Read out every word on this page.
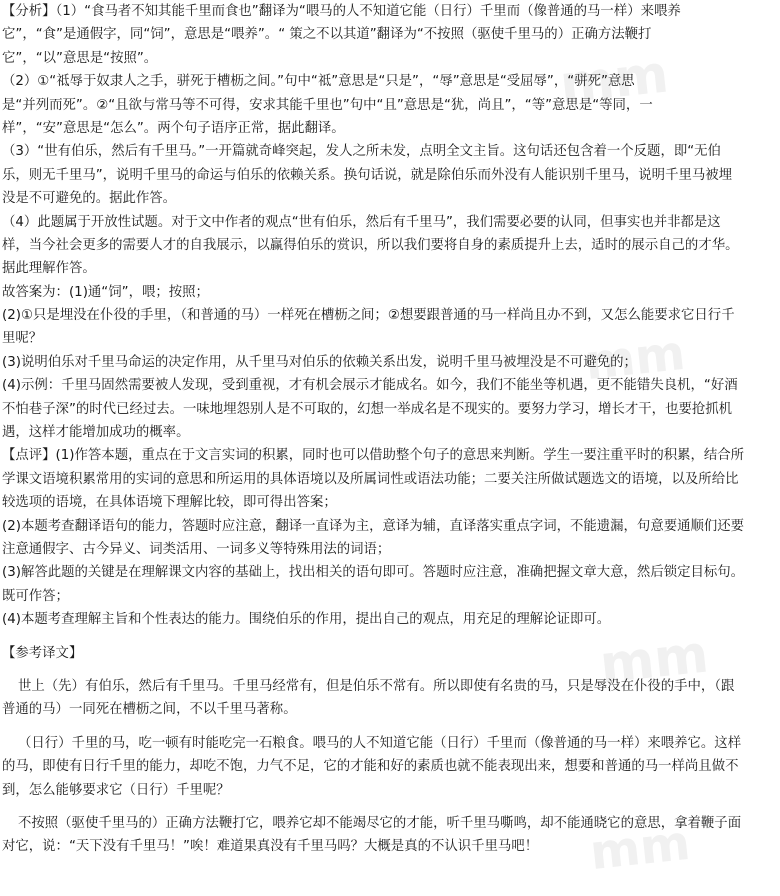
mm
mm
mm
mm
【分析】（1）“食马者不知其能千里而食也”翻译为“喂马的人不知道它能（日行）千里而（像普通的马一样）来喂养
它”，“食”是通假字，同“饲”，意思是“喂养”。“ 策之不以其道”翻译为“不按照（驱使千里马的）正确方法鞭打
它”，“以”意思是“按照”。
（2）①“祗辱于奴隶人之手，骈死于槽枥之间。”句中“祗”意思是“只是”，“辱”意思是“受屈辱”，“骈死”意思
是“并列而死”。②“且欲与常马等不可得，安求其能千里也”句中“且”意思是“犹，尚且”，“等”意思是“等同，一
样”，“安”意思是“怎么”。两个句子语序正常，据此翻译。
（3）“世有伯乐，然后有千里马。”一开篇就奇峰突起，发人之所未发，点明全文主旨。这句话还包含着一个反题，即“无伯
乐，则无千里马”，说明千里马的命运与伯乐的依赖关系。换句话说，就是除伯乐而外没有人能识别千里马，说明千里马被埋
没是不可避免的。据此作答。
（4）此题属于开放性试题。对于文中作者的观点“世有伯乐，然后有千里马”，我们需要必要的认同，但事实也并非都是这
样，当今社会更多的需要人才的自我展示，以赢得伯乐的赏识，所以我们要将自身的素质提升上去，适时的展示自己的才华。
据此理解作答。
故答案为：(1)通“饲”，喂；按照；
(2)①只是埋没在仆役的手里，（和普通的马）一样死在槽枥之间；②想要跟普通的马一样尚且办不到，又怎么能要求它日行千
里呢？
(3)说明伯乐对千里马命运的决定作用，从千里马对伯乐的依赖关系出发，说明千里马被埋没是不可避免的；
(4)示例：千里马固然需要被人发现，受到重视，才有机会展示才能成名。如今，我们不能坐等机遇，更不能错失良机，“好酒
不怕巷子深”的时代已经过去。一味地埋怨别人是不可取的，幻想一举成名是不现实的。要努力学习，增长才干，也要抢抓机
遇，这样才能增加成功的概率。
【点评】(1)作答本题，重点在于文言实词的积累，同时也可以借助整个句子的意思来判断。学生一要注重平时的积累，结合所
学课文语境积累常用的实词的意思和所运用的具体语境以及所属词性或语法功能；二要关注所做试题选文的语境，以及所给比
较选项的语境，在具体语境下理解比较，即可得出答案；
(2)本题考查翻译语句的能力，答题时应注意，翻译一直译为主，意译为辅，直译落实重点字词，不能遗漏，句意要通顺们还要
注意通假字、古今异义、词类活用、一词多义等特殊用法的词语；
(3)解答此题的关键是在理解课文内容的基础上，找出相关的语句即可。答题时应注意，准确把握文章大意，然后锁定目标句。
既可作答；
(4)本题考查理解主旨和个性表达的能力。围绕伯乐的作用，提出自己的观点，用充足的理解论证即可。
【参考译文】
世上（先）有伯乐，然后有千里马。千里马经常有，但是伯乐不常有。所以即使有名贵的马，只是辱没在仆役的手中，（跟
普通的马）一同死在槽枥之间，不以千里马著称。
（日行）千里的马，吃一顿有时能吃完一石粮食。喂马的人不知道它能（日行）千里而（像普通的马一样）来喂养它。这样
的马，即使有日行千里的能力，却吃不饱，力气不足，它的才能和好的素质也就不能表现出来，想要和普通的马一样尚且做不
到，怎么能够要求它（日行）千里呢？
不按照（驱使千里马的）正确方法鞭打它，喂养它却不能竭尽它的才能，听千里马嘶鸣，却不能通晓它的意思，拿着鞭子面
对它，说：“天下没有千里马！”唉！难道果真没有千里马吗？大概是真的不认识千里马吧！
